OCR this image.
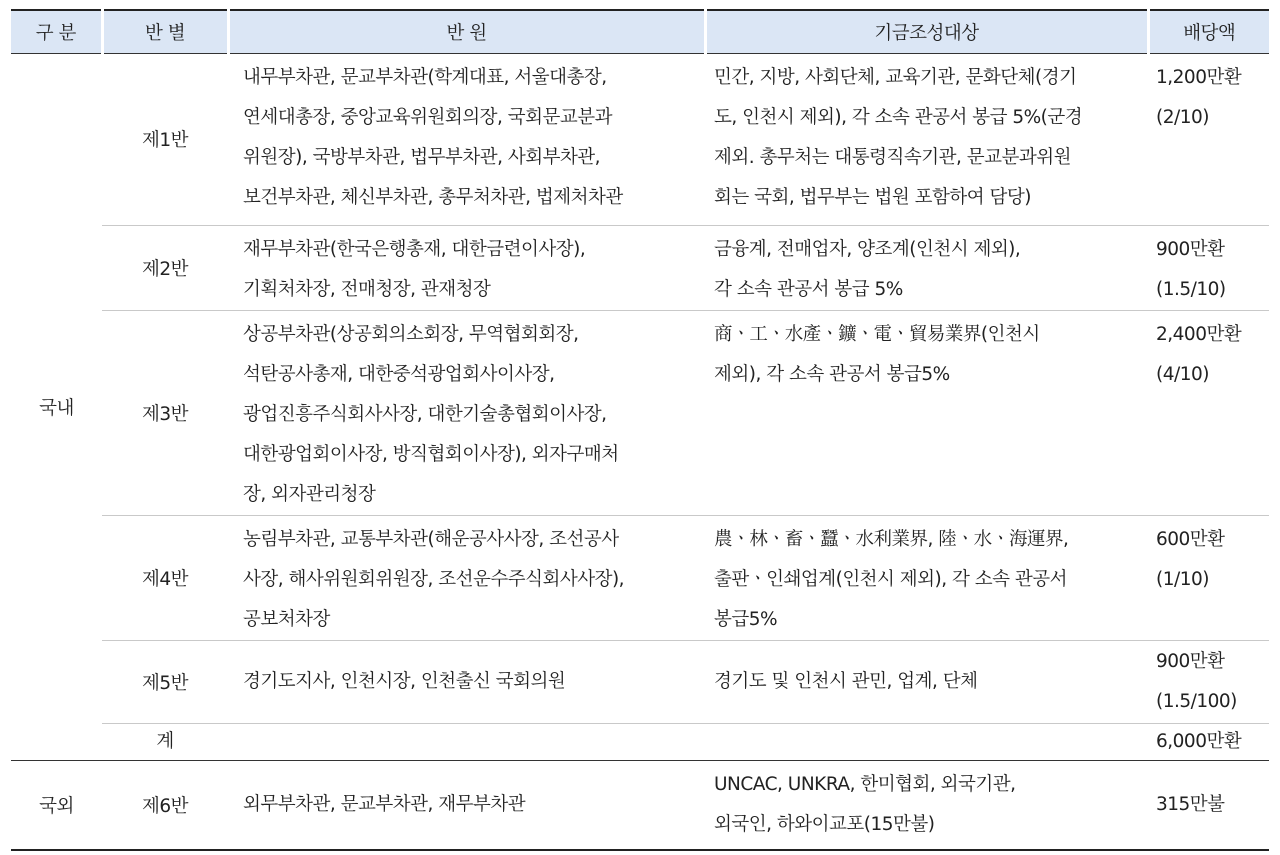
구 분	반 별	반 원	기금조성대상	배당액
국내	제1반	내무부차관, 문교부차관(학계대표, 서울대총장,
연세대총장, 중앙교육위원회의장, 국회문교분과
위원장), 국방부차관, 법무부차관, 사회부차관,
보건부차관, 체신부차관, 총무처차관, 법제처차관	민간, 지방, 사회단체, 교육기관, 문화단체(경기
도, 인천시 제외), 각 소속 관공서 봉급 5%(군경
제외. 총무처는 대통령직속기관, 문교분과위원
회는 국회, 법무부는 법원 포함하여 담당)	1,200만환
(2/10)

	제2반	재무부차관(한국은행총재, 대한금련이사장),
기획처차장, 전매청장, 관재청장	금융계, 전매업자, 양조계(인천시 제외),
각 소속 관공서 봉급 5%	900만환
(1.5/10)

	제3반	상공부차관(상공회의소회장, 무역협회회장,
석탄공사총재, 대한중석광업회사이사장,
광업진흥주식회사사장, 대한기술총협회이사장,
대한광업회이사장, 방직협회이사장), 외자구매처
장, 외자관리청장	商ㆍ工ㆍ水產ㆍ鑛ㆍ電ㆍ貿易業界(인천시
제외), 각 소속 관공서 봉급5%	2,400만환
(4/10)

	제4반	농림부차관, 교통부차관(해운공사사장, 조선공사
사장, 해사위원회위원장, 조선운수주식회사사장),
공보처차장	農ㆍ林ㆍ畜ㆍ蠶ㆍ水利業界, 陸ㆍ水ㆍ海運界,
출판ㆍ인쇄업계(인천시 제외), 각 소속 관공서
봉급5%	600만환
(1/10)

	제5반	경기도지사, 인천시장, 인천출신 국회의원	경기도 및 인천시 관민, 업계, 단체	900만환
(1.5/100)

	계			6,000만환
국외	제6반	외무부차관, 문교부차관, 재무부차관	UNCAC, UNKRA, 한미협회, 외국기관,
외국인, 하와이교포(15만불)	315만불
